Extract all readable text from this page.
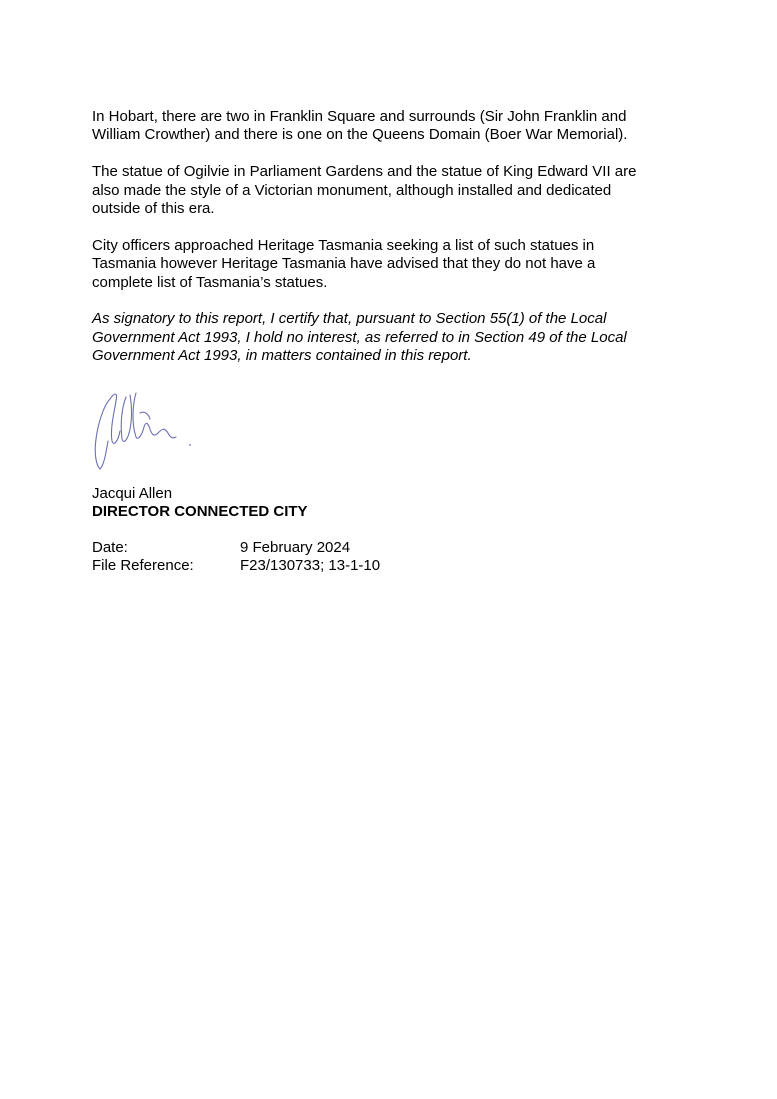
In Hobart, there are two in Franklin Square and surrounds (Sir John Franklin and
William Crowther) and there is one on the Queens Domain (Boer War Memorial).

The statue of Ogilvie in Parliament Gardens and the statue of King Edward VII are
also made the style of a Victorian monument, although installed and dedicated
outside of this era.

City officers approached Heritage Tasmania seeking a list of such statues in
Tasmania however Heritage Tasmania have advised that they do not have a
complete list of Tasmania’s statues.

As signatory to this report, I certify that, pursuant to Section 55(1) of the Local
Government Act 1993, I hold no interest, as referred to in Section 49 of the Local
Government Act 1993, in matters contained in this report.

Jacqui Allen

DIRECTOR CONNECTED CITY

Date:	9 February 2024
File Reference:	F23/130733; 13-1-10
